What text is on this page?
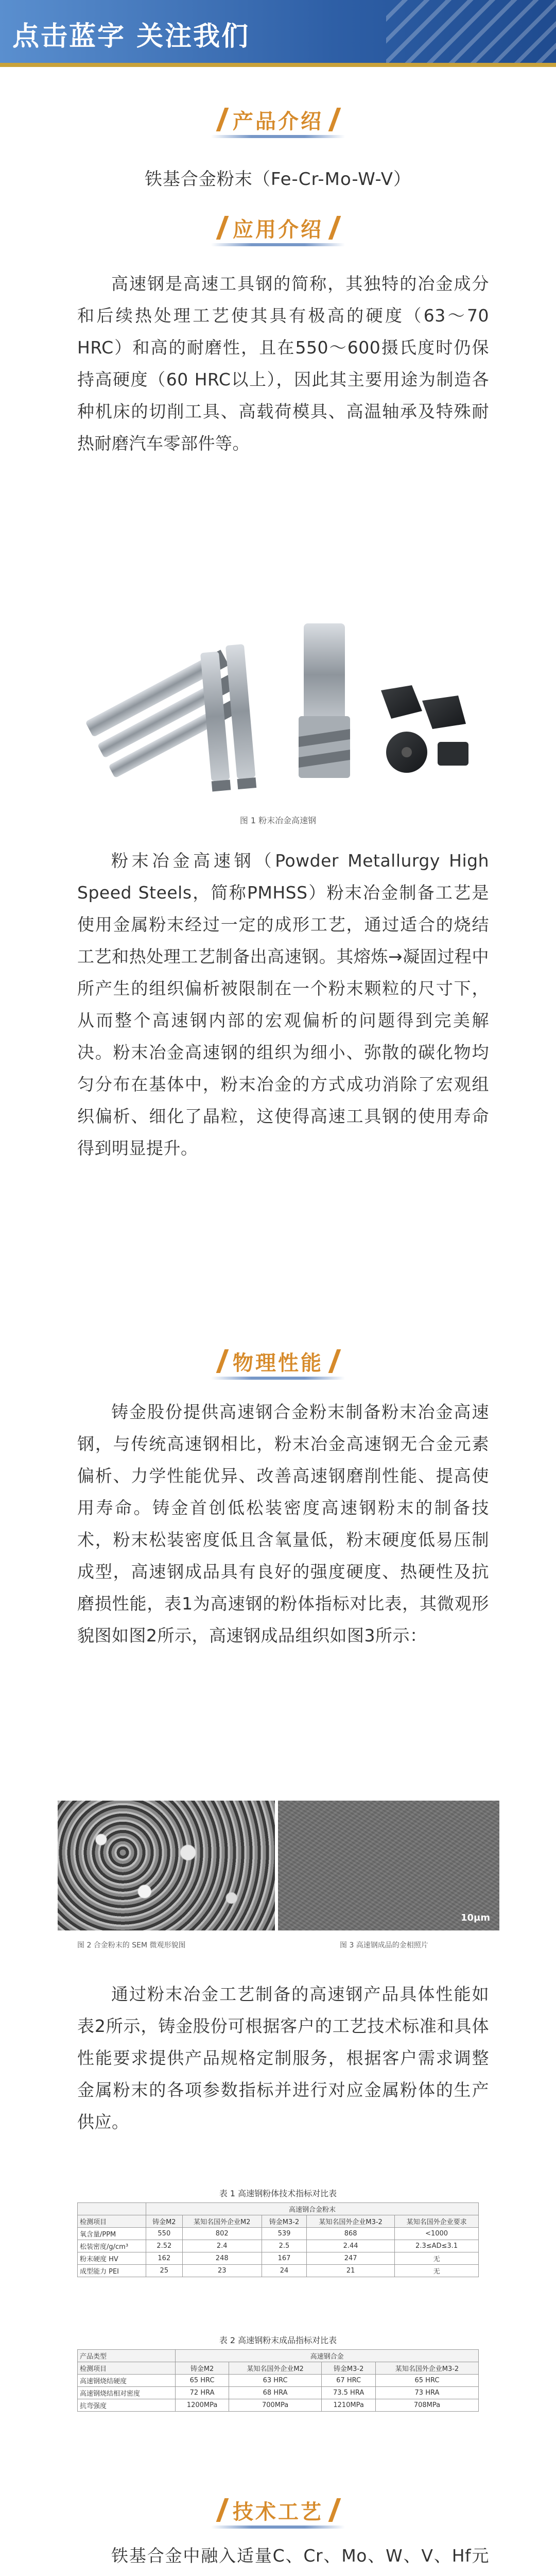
点击蓝字 关注我们
产品介绍
铁基合金粉末（Fe-Cr-Mo-W-V）
应用介绍
高速钢是高速工具钢的简称，其独特的冶金成分和后续热处理工艺使其具有极高的硬度（63～70 HRC）和高的耐磨性，且在550～600摄氏度时仍保持高硬度（60 HRC以上），因此其主要用途为制造各种机床的切削工具、高载荷模具、高温轴承及特殊耐热耐磨汽车零部件等。
图 1 粉末冶金高速钢
粉末冶金高速钢（Powder Metallurgy High Speed Steels，简称PMHSS）粉末冶金制备工艺是使用金属粉末经过一定的成形工艺，通过适合的烧结工艺和热处理工艺制备出高速钢。其熔炼→凝固过程中所产生的组织偏析被限制在一个粉末颗粒的尺寸下，从而整个高速钢内部的宏观偏析的问题得到完美解决。粉末冶金高速钢的组织为细小、弥散的碳化物均匀分布在基体中，粉末冶金的方式成功消除了宏观组织偏析、细化了晶粒，这使得高速工具钢的使用寿命得到明显提升。
物理性能
铸金股份提供高速钢合金粉末制备粉末冶金高速钢，与传统高速钢相比，粉末冶金高速钢无合金元素偏析、力学性能优异、改善高速钢磨削性能、提高使用寿命。铸金首创低松装密度高速钢粉末的制备技术，粉末松装密度低且含氧量低，粉末硬度低易压制成型，高速钢成品具有良好的强度硬度、热硬性及抗磨损性能，表1为高速钢的粉体指标对比表，其微观形貌图如图2所示，高速钢成品组织如图3所示：
10μm
图 2 合金粉末的 SEM 微观形貌图	图 3 高速钢成品的金相照片
通过粉末冶金工艺制备的高速钢产品具体性能如表2所示，铸金股份可根据客户的工艺技术标准和具体性能要求提供产品规格定制服务，根据客户需求调整金属粉末的各项参数指标并进行对应金属粉体的生产供应。
表 1 高速钢粉体技术指标对比表
	高速钢合金粉末				
检测项目	铸金M2	某知名国外企业M2	铸金M3-2	某知名国外企业M3-2	某知名国外企业要求
氧含量/PPM	550	802	539	868	<1000
松装密度/g/cm³	2.52	2.4	2.5	2.44	2.3≤AD≤3.1
粉末硬度 HV	162	248	167	247	无
成型能力 PEI	25	23	24	21	无
表 2 高速钢粉末成品指标对比表
产品类型	高速钢合金			
检测项目	铸金M2	某知名国外企业M2	铸金M3-2	某知名国外企业M3-2
高速钢烧结硬度	65 HRC	63 HRC	67 HRC	65 HRC
高速钢烧结相对密度	72 HRA	68 HRA	73.5 HRA	73 HRA
抗弯强度	1200MPa	700MPa	1210MPa	708MPa
技术工艺
铁基合金中融入适量C、Cr、Mo、W、V、Hf元
